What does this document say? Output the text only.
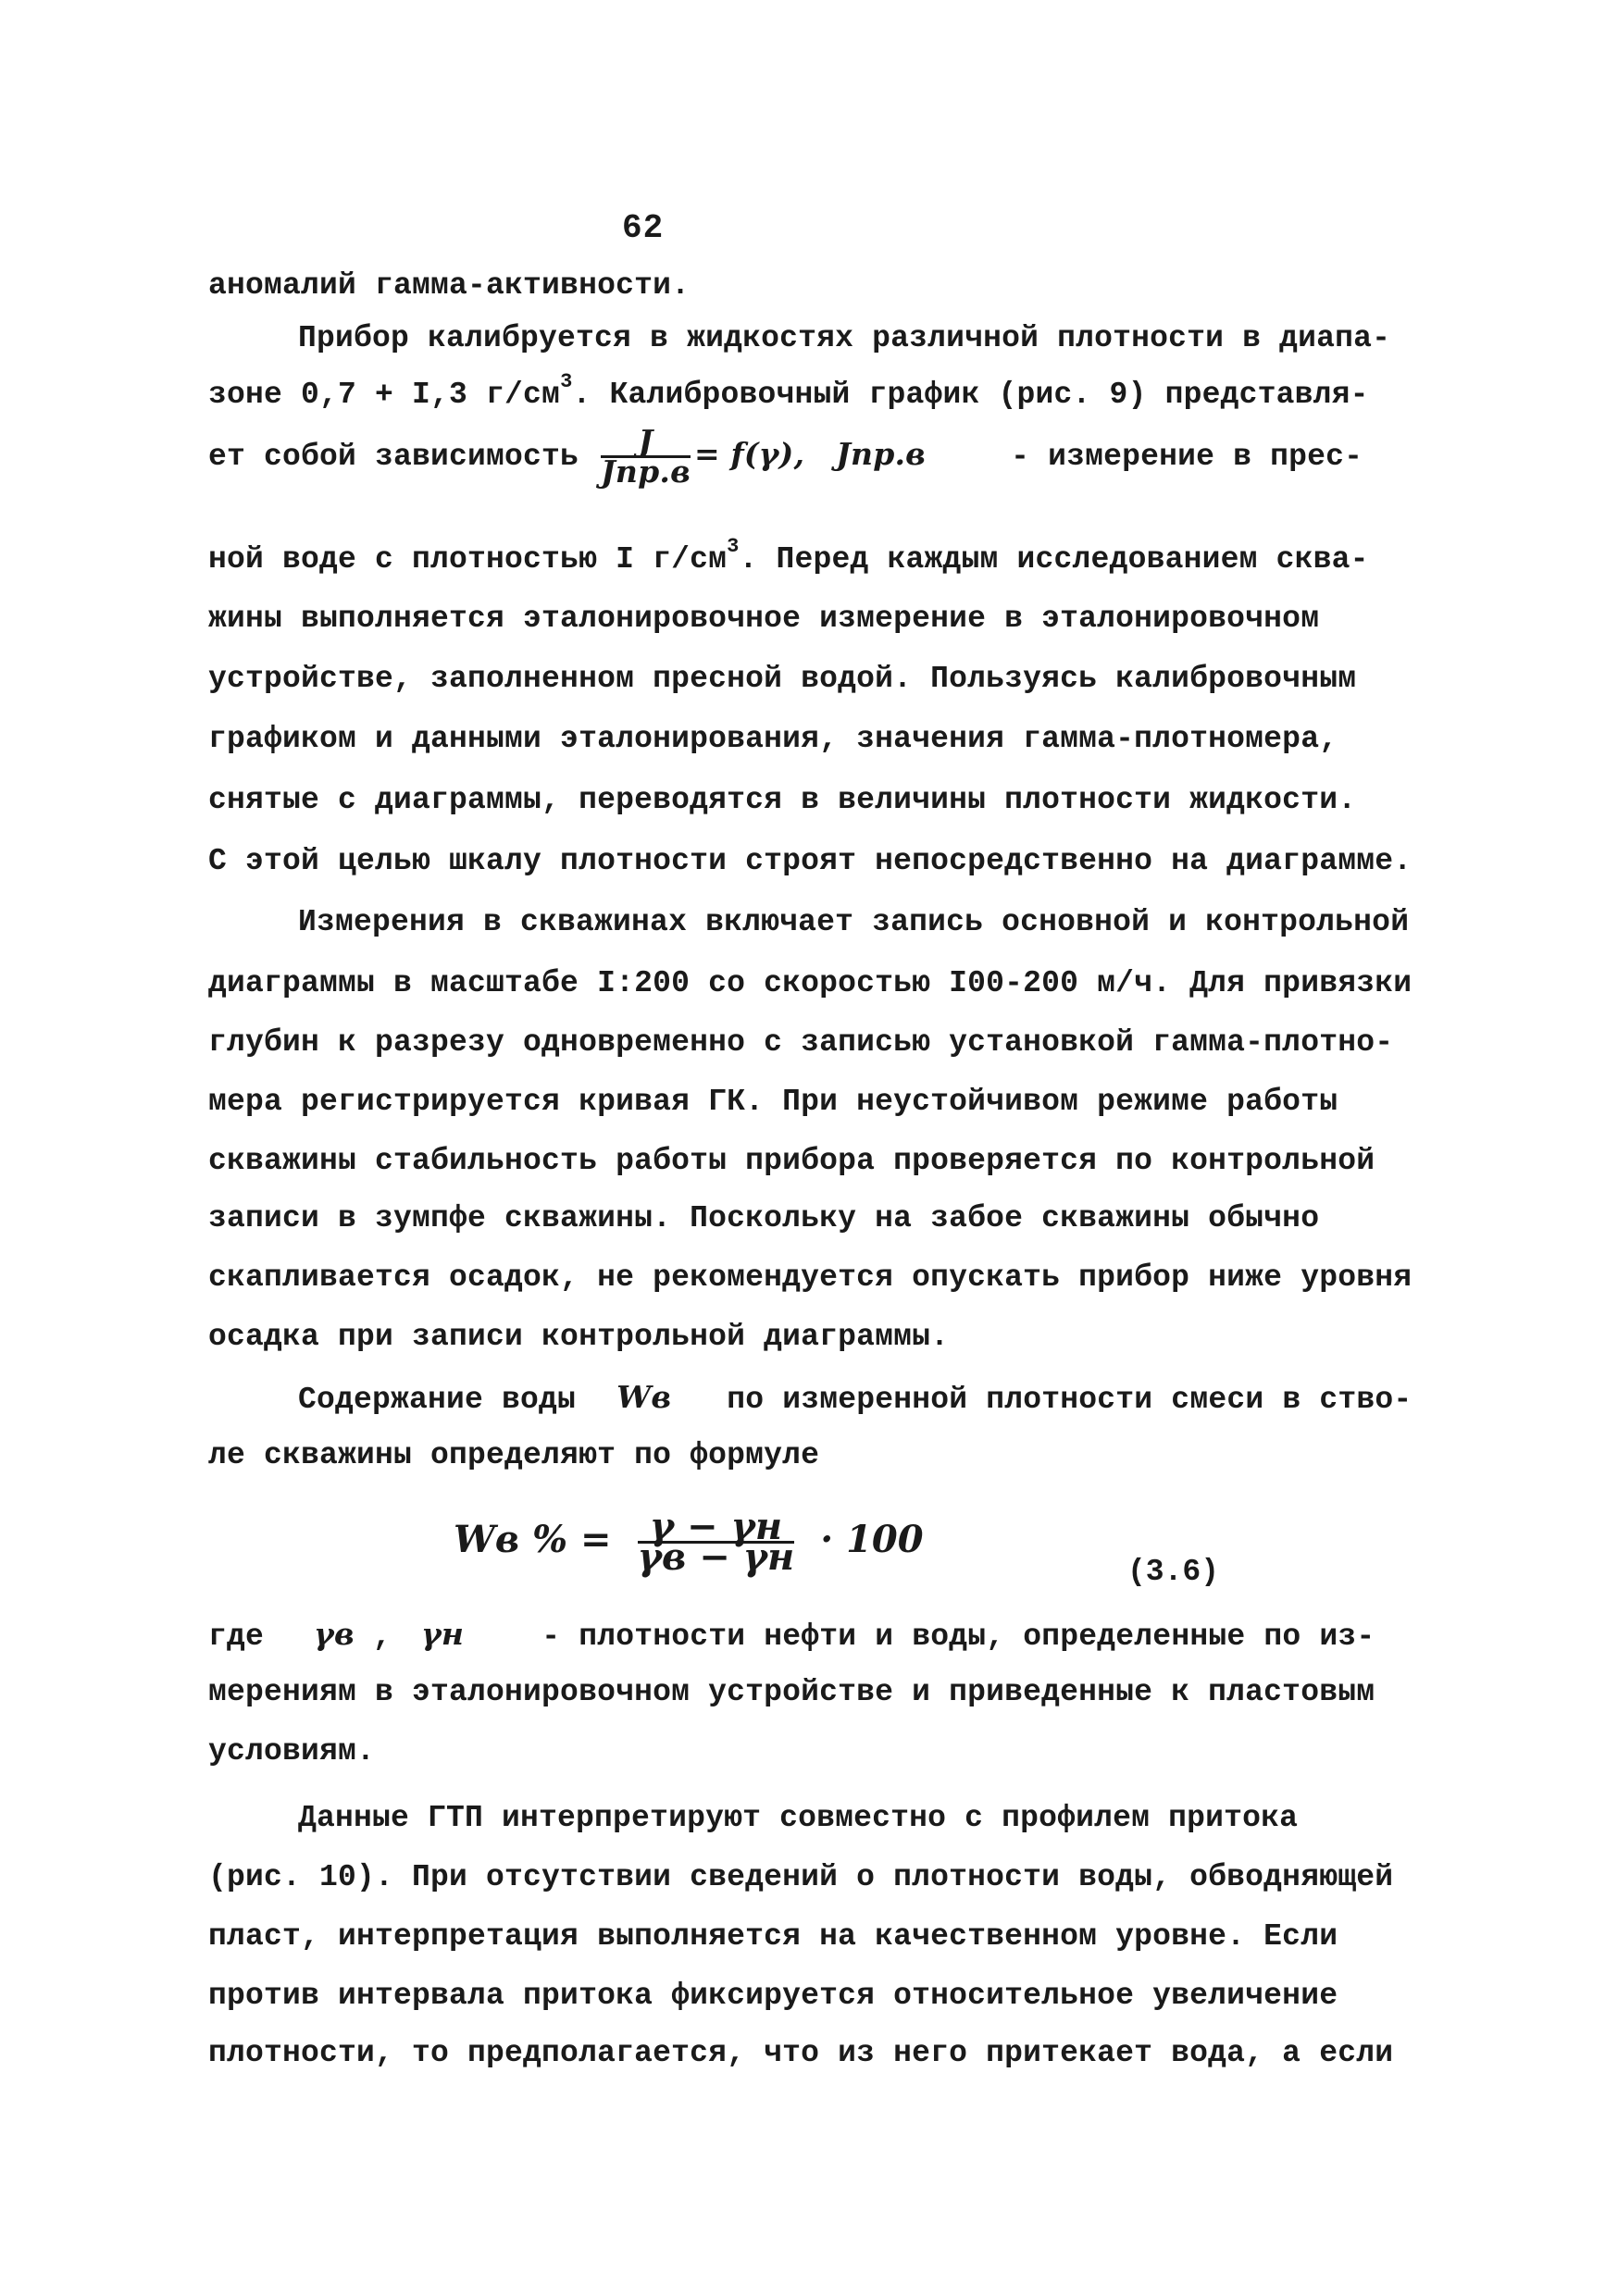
62
аномалий гамма-активности.
Прибор калибруется в жидкостях различной плотности в диапа-
зоне 0,7 + I,3 $г/см^3$. Калибровочный график (рис. 9) представля-
ет собой зависимость $\frac{J}{\text{Jпр.в}} = f(\gamma)$, Jпр.в	- измерение в прес-
ной воде с плотностью I $г/см^3$. Перед каждым исследованием сква-
жины выполняется эталонировочное измерение в эталонировочном
устройстве, заполненном пресной водой. Пользуясь калибровочным
графиком и данными эталонирования, значения гамма-плотномера,
снятые с диаграммы, переводятся в величины плотности жидкости.
С этой целью шкалу плотности строят непосредственно на диаграмме.
Измерения в скважинах включает запись основной и контрольной
диаграммы в масштабе I:200 со скоростью I00-200 м/ч. Для привязки
глубин к разрезу одновременно с записью установкой гамма-плотно-
мера регистрируется кривая ГК. При неустойчивом режиме работы
скважины стабильность работы прибора проверяется по контрольной
записи в зумпфе скважины. Поскольку на забое скважины обычно
скапливается осадок, не рекомендуется опускать прибор ниже уровня
осадка при записи контрольной диаграммы.
Содержание воды Wв по измеренной плотности смеси в ство-
ле скважины определяют по формуле
Wв % = $\frac{\gamma - \gamma н}{\gamma в - \gamma н} \cdot 100$
(3.6)
где γв , γн	- плотности нефти и воды, определенные по из-
мерениям в эталонировочном устройстве и приведенные к пластовым
условиям.
Данные ГТП интерпретируют совместно с профилем притока
(рис. 10). При отсутствии сведений о плотности воды, обводняющей
пласт, интерпретация выполняется на качественном уровне. Если
против интервала притока фиксируется относительное увеличение
плотности, то предполагается, что из него притекает вода, а если
